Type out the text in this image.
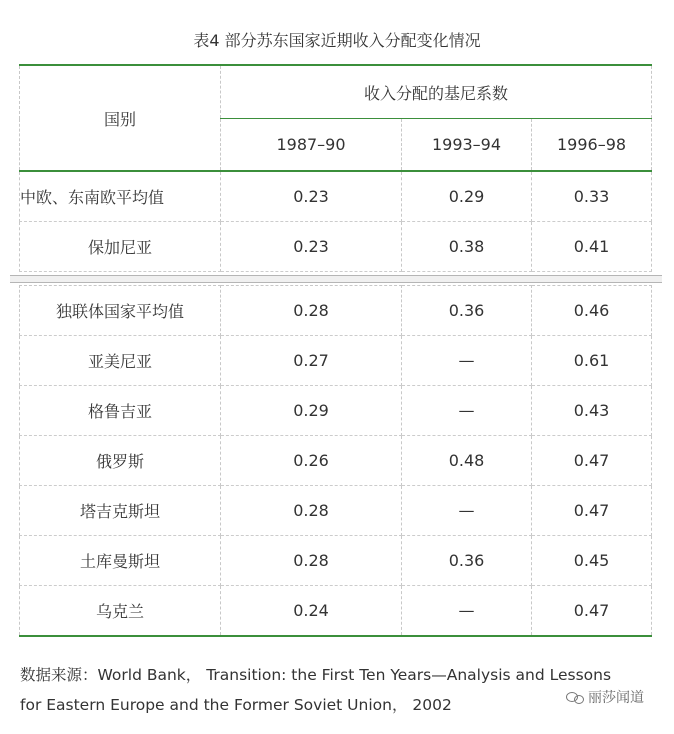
表4 部分苏东国家近期收入分配变化情况
国别	收入分配的基尼系数		
	1987–90	1993–94	1996–98
中欧、东南欧平均值	0.23	0.29	0.33
保加尼亚	0.23	0.38	0.41

独联体国家平均值	0.28	0.36	0.46
亚美尼亚	0.27	—	0.61
格鲁吉亚	0.29	—	0.43
俄罗斯	0.26	0.48	0.47
塔吉克斯坦	0.28	—	0.47
土库曼斯坦	0.28	0.36	0.45
乌克兰	0.24	—	0.47
数据来源：World Bank， Transition: the First Ten Years—Analysis and Lessons
for Eastern Europe and the Former Soviet Union， 2002	丽莎闻道
